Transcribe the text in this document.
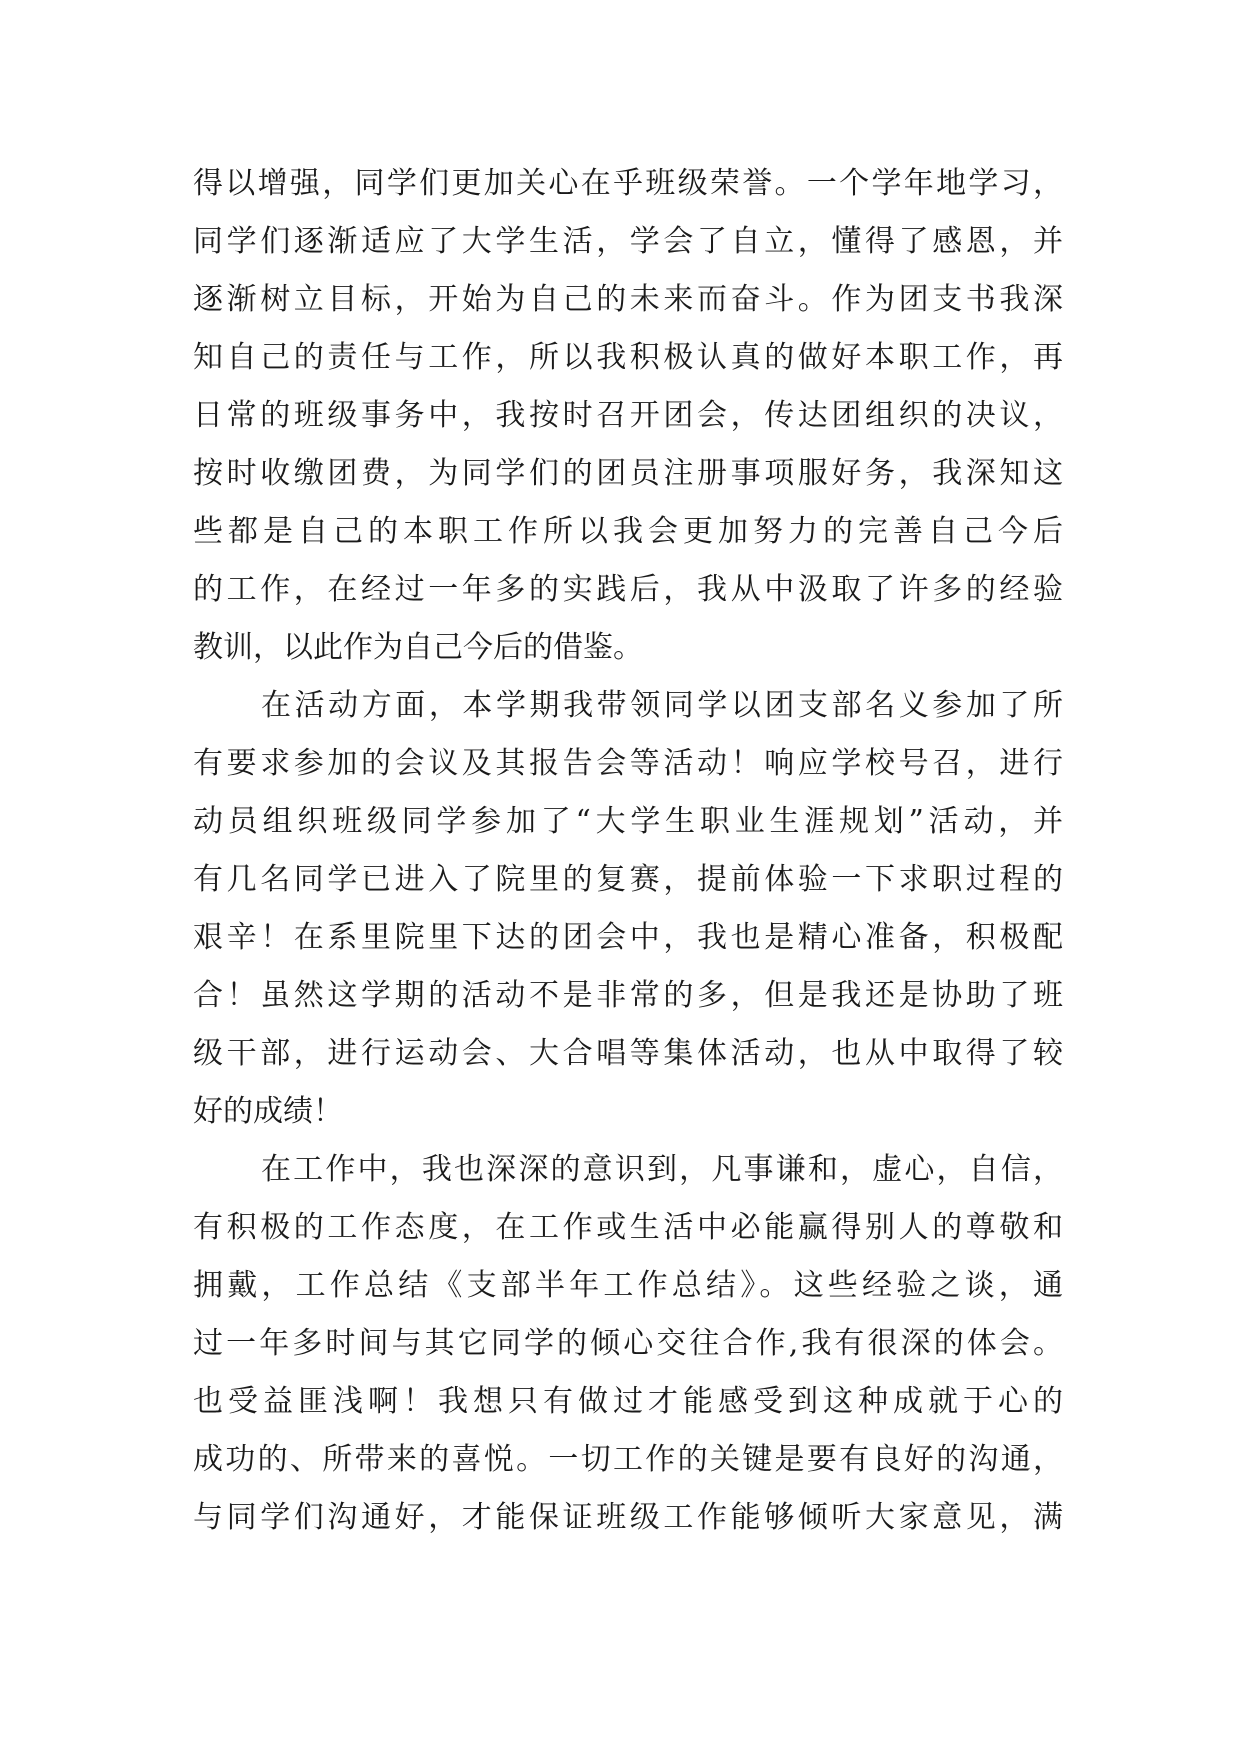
得以增强，同学们更加关心在乎班级荣誉。一个学年地学习，
同学们逐渐适应了大学生活，学会了自立，懂得了感恩，并
逐渐树立目标，开始为自己的未来而奋斗。作为团支书我深
知自己的责任与工作，所以我积极认真的做好本职工作，再
日常的班级事务中，我按时召开团会，传达团组织的决议，
按时收缴团费，为同学们的团员注册事项服好务，我深知这
些都是自己的本职工作所以我会更加努力的完善自己今后
的工作，在经过一年多的实践后，我从中汲取了许多的经验
教训，以此作为自己今后的借鉴。
在活动方面，本学期我带领同学以团支部名义参加了所
有要求参加的会议及其报告会等活动！响应学校号召，进行
动员组织班级同学参加了“大学生职业生涯规划”活动，并
有几名同学已进入了院里的复赛，提前体验一下求职过程的
艰辛！在系里院里下达的团会中，我也是精心准备，积极配
合！虽然这学期的活动不是非常的多，但是我还是协助了班
级干部，进行运动会、大合唱等集体活动，也从中取得了较
好的成绩！
在工作中，我也深深的意识到，凡事谦和，虚心，自信，
有积极的工作态度，在工作或生活中必能赢得别人的尊敬和
拥戴，工作总结《支部半年工作总结》。这些经验之谈，通
过一年多时间与其它同学的倾心交往合作,我有很深的体会。
也受益匪浅啊！我想只有做过才能感受到这种成就于心的
成功的、所带来的喜悦。一切工作的关键是要有良好的沟通，
与同学们沟通好，才能保证班级工作能够倾听大家意见，满
